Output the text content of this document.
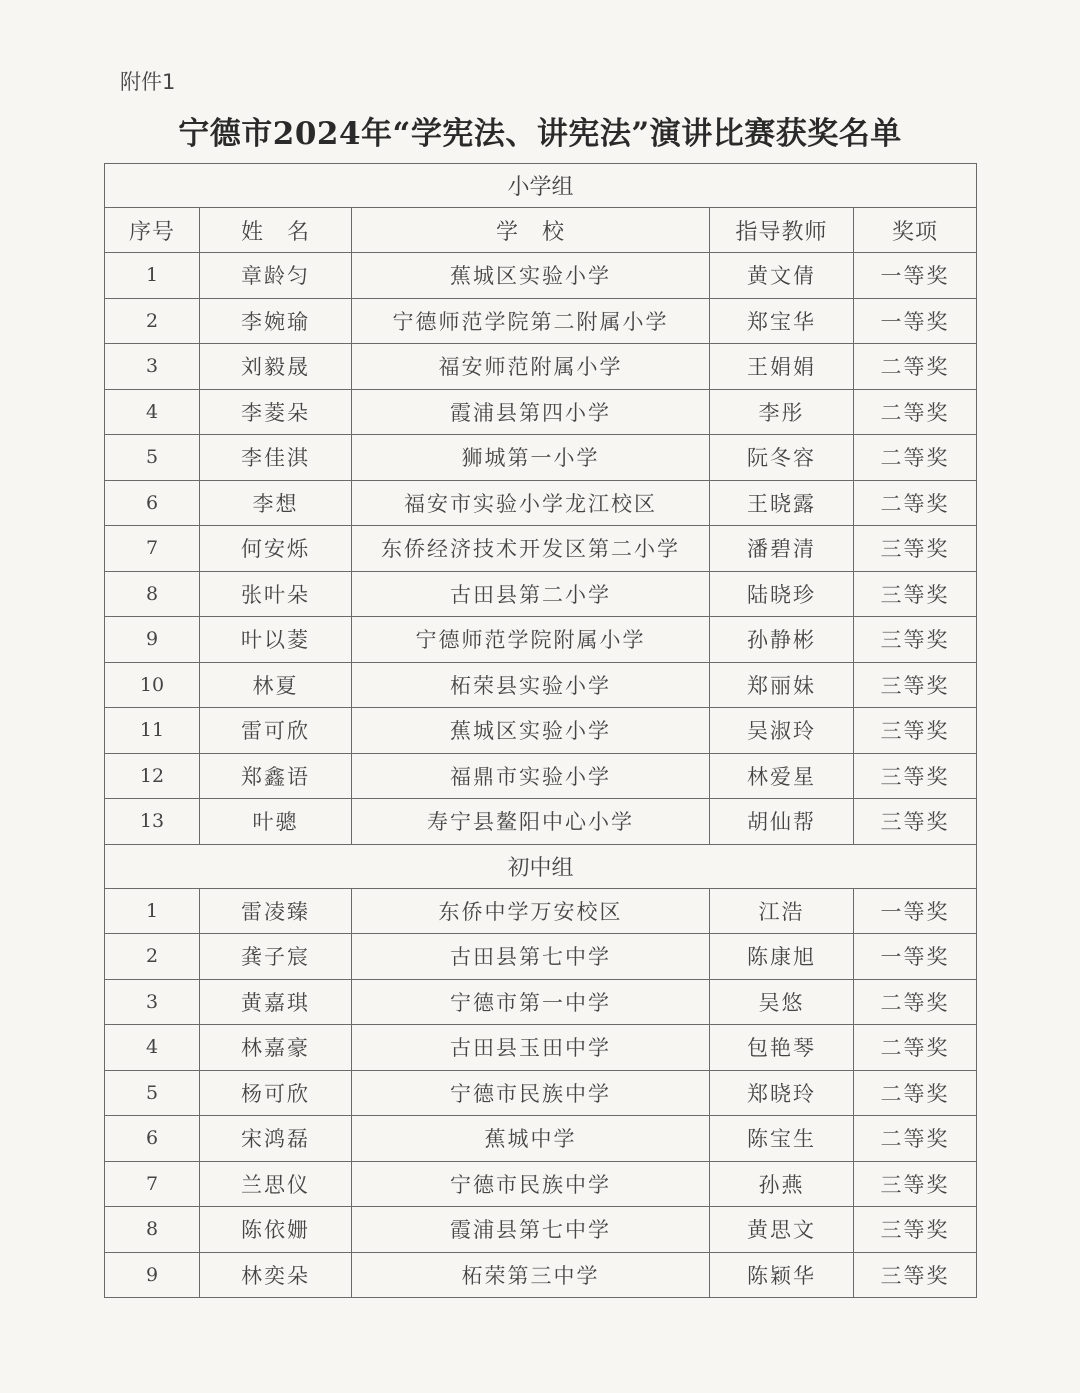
附件1
宁德市2024年“学宪法、讲宪法”演讲比赛获奖名单
小学组				
序号	姓　名	学　校	指导教师	奖项
1	章龄匀	蕉城区实验小学	黄文倩	一等奖
2	李婉瑜	宁德师范学院第二附属小学	郑宝华	一等奖
3	刘毅晟	福安师范附属小学	王娟娟	二等奖
4	李菱朵	霞浦县第四小学	李彤	二等奖
5	李佳淇	狮城第一小学	阮冬容	二等奖
6	李想	福安市实验小学龙江校区	王晓露	二等奖
7	何安烁	东侨经济技术开发区第二小学	潘碧清	三等奖
8	张叶朵	古田县第二小学	陆晓珍	三等奖
9	叶以菱	宁德师范学院附属小学	孙静彬	三等奖
10	林夏	柘荣县实验小学	郑丽妹	三等奖
11	雷可欣	蕉城区实验小学	吴淑玲	三等奖
12	郑鑫语	福鼎市实验小学	林爱星	三等奖
13	叶骢	寿宁县鳌阳中心小学	胡仙帮	三等奖
初中组				
1	雷凌臻	东侨中学万安校区	江浩	一等奖
2	龚子宸	古田县第七中学	陈康旭	一等奖
3	黄嘉琪	宁德市第一中学	吴悠	二等奖
4	林嘉豪	古田县玉田中学	包艳琴	二等奖
5	杨可欣	宁德市民族中学	郑晓玲	二等奖
6	宋鸿磊	蕉城中学	陈宝生	二等奖
7	兰思仪	宁德市民族中学	孙燕	三等奖
8	陈依姗	霞浦县第七中学	黄思文	三等奖
9	林奕朵	柘荣第三中学	陈颖华	三等奖
